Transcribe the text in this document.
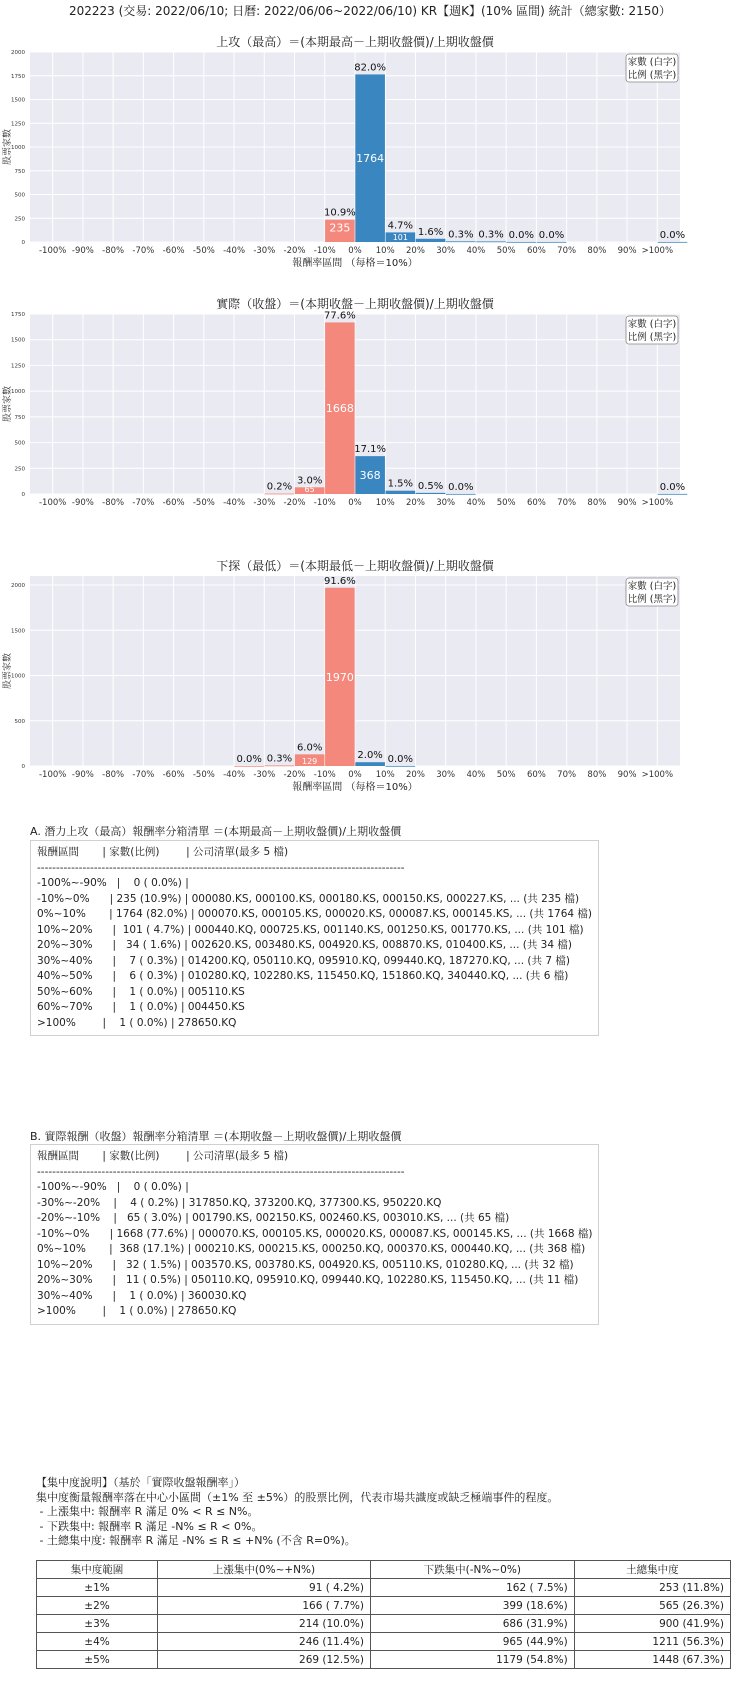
202223 (交易: 2022/06/10; 日曆: 2022/06/06~2022/06/10) KR【週K】(10% 區間) 統計（總家數: 2150）
上攻（最高）＝(本期最高－上期收盤價)/上期收盤價
0
250
500
750
1000
1250
1500
1750
2000
-100% -90% -80% -70% -60% -50% -40% -30% -20% -10% 0% 10% 20% 30% 40% 50% 60% 70% 80% 90% >100%
股票家數
報酬率區間 （每格＝10%）
家數 (白字)
比例 (黑字)
10.9%
235
82.0%
1764
4.7%
101 1.6% 0.3% 0.3% 0.0% 0.0%	0.0%
實際（收盤）＝(本期收盤－上期收盤價)/上期收盤價
0
250
500
750
1000
1250
1500
1750
-100% -90% -80% -70% -60% -50% -40% -30% -20% -10% 0% 10% 20% 30% 40% 50% 60% 70% 80% 90% >100%
股票家數
家數 (白字)
比例 (黑字)
0.2%
3.0%
65
77.6%
1668
17.1%
368
1.5% 0.5% 0.0%	0.0%
下探（最低）＝(本期最低－上期收盤價)/上期收盤價
0
500
1000
1500
2000
-100% -90% -80% -70% -60% -50% -40% -30% -20% -10% 0% 10% 20% 30% 40% 50% 60% 70% 80% 90% >100%
股票家數
報酬率區間 （每格＝10%）
家數 (白字)
比例 (黑字)
0.0% 0.3%
6.0%
129
91.6%
1970
2.0% 0.0%
A. 潛力上攻（最高）報酬率分箱清單 ＝(本期最高－上期收盤價)/上期收盤價
報酬區間       | 家數(比例)        | 公司清單(最多 5 檔)
-------------------------------------------------------------------------------------------------
-100%~-90%   |    0 ( 0.0%) |
-10%~0%      | 235 (10.9%) | 000080.KS, 000100.KS, 000180.KS, 000150.KS, 000227.KS, ... (共 235 檔)
0%~10%       | 1764 (82.0%) | 000070.KS, 000105.KS, 000020.KS, 000087.KS, 000145.KS, ... (共 1764 檔)
10%~20%      |  101 ( 4.7%) | 000440.KQ, 000725.KS, 001140.KS, 001250.KS, 001770.KS, ... (共 101 檔)
20%~30%      |   34 ( 1.6%) | 002620.KS, 003480.KS, 004920.KS, 008870.KS, 010400.KS, ... (共 34 檔)
30%~40%      |    7 ( 0.3%) | 014200.KQ, 050110.KQ, 095910.KQ, 099440.KQ, 187270.KQ, ... (共 7 檔)
40%~50%      |    6 ( 0.3%) | 010280.KQ, 102280.KS, 115450.KQ, 151860.KQ, 340440.KQ, ... (共 6 檔)
50%~60%      |    1 ( 0.0%) | 005110.KS
60%~70%      |    1 ( 0.0%) | 004450.KS
>100%        |    1 ( 0.0%) | 278650.KQ
B. 實際報酬（收盤）報酬率分箱清單 ＝(本期收盤－上期收盤價)/上期收盤價
報酬區間       | 家數(比例)        | 公司清單(最多 5 檔)
-------------------------------------------------------------------------------------------------
-100%~-90%   |    0 ( 0.0%) |
-30%~-20%    |    4 ( 0.2%) | 317850.KQ, 373200.KQ, 377300.KS, 950220.KQ
-20%~-10%    |   65 ( 3.0%) | 001790.KS, 002150.KS, 002460.KS, 003010.KS, ... (共 65 檔)
-10%~0%      | 1668 (77.6%) | 000070.KS, 000105.KS, 000020.KS, 000087.KS, 000145.KS, ... (共 1668 檔)
0%~10%       |  368 (17.1%) | 000210.KS, 000215.KS, 000250.KQ, 000370.KS, 000440.KQ, ... (共 368 檔)
10%~20%      |   32 ( 1.5%) | 003570.KS, 003780.KS, 004920.KS, 005110.KS, 010280.KQ, ... (共 32 檔)
20%~30%      |   11 ( 0.5%) | 050110.KQ, 095910.KQ, 099440.KQ, 102280.KS, 115450.KQ, ... (共 11 檔)
30%~40%      |    1 ( 0.0%) | 360030.KQ
>100%        |    1 ( 0.0%) | 278650.KQ
【集中度說明】（基於「實際收盤報酬率」）
集中度衡量報酬率落在中心小區間（±1% 至 ±5%）的股票比例，代表市場共識度或缺乏極端事件的程度。
- 上漲集中: 報酬率 R 滿足 0% < R ≤ N%。
- 下跌集中: 報酬率 R 滿足 -N% ≤ R < 0%。
- 土總集中度: 報酬率 R 滿足 -N% ≤ R ≤ +N% (不含 R=0%)。
集中度範圍	上漲集中(0%~+N%)	下跌集中(-N%~0%)	土總集中度
±1%	91 ( 4.2%)	162 ( 7.5%)	253 (11.8%)
±2%	166 ( 7.7%)	399 (18.6%)	565 (26.3%)
±3%	214 (10.0%)	686 (31.9%)	900 (41.9%)
±4%	246 (11.4%)	965 (44.9%)	1211 (56.3%)
±5%	269 (12.5%)	1179 (54.8%)	1448 (67.3%)
